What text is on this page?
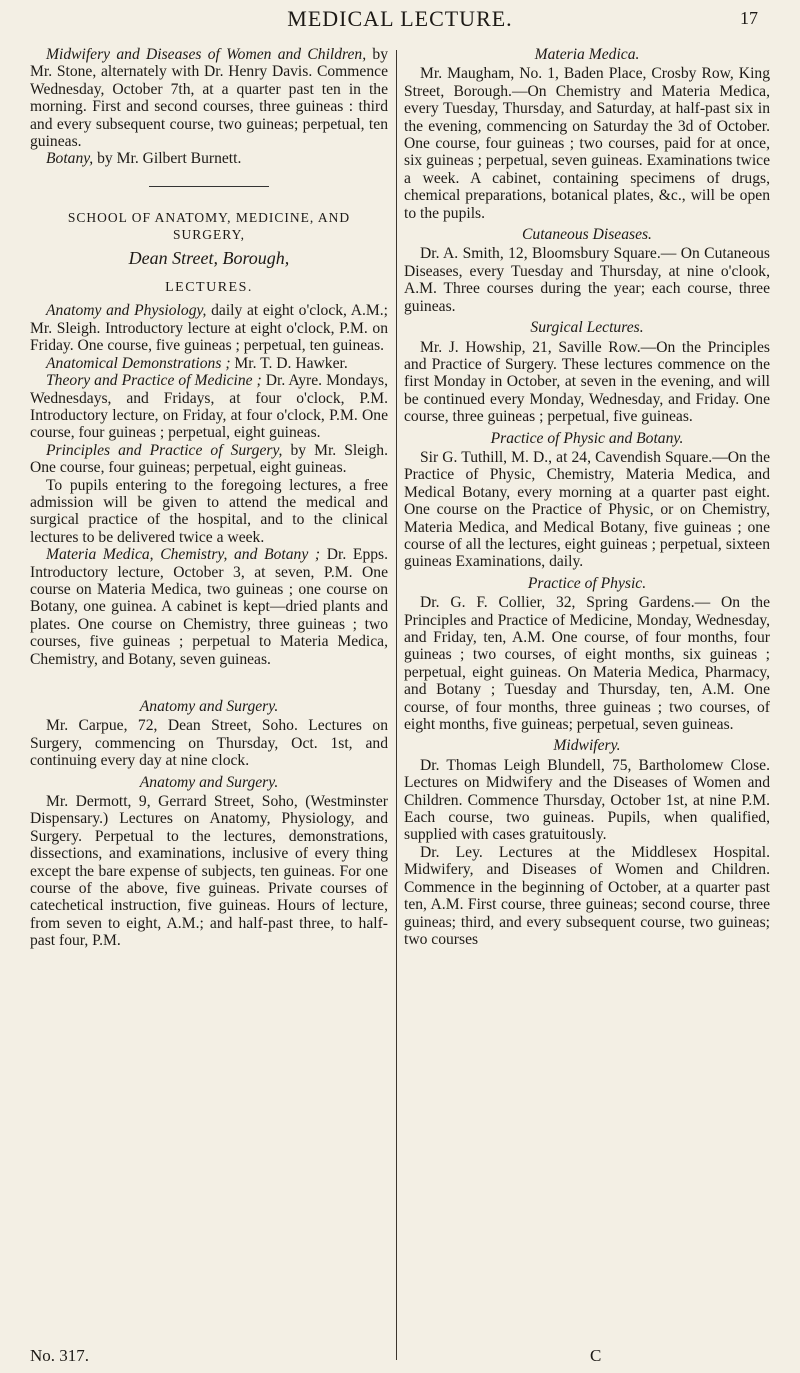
MEDICAL LECTURE.	17

Midwifery and Diseases of Women and Children, by Mr. Stone, alternately with Dr. Henry Davis. Commence Wednesday, October 7th, at a quarter past ten in the morning. First and second courses, three guineas : third and every subsequent course, two guineas; perpetual, ten guineas.

Botany, by Mr. Gilbert Burnett.

SCHOOL OF ANATOMY, MEDICINE, AND SURGERY,
Dean Street, Borough,
LECTURES.

Anatomy and Physiology, daily at eight o'clock, A.M.; Mr. Sleigh. Introductory lecture at eight o'clock, P.M. on Friday. One course, five guineas ; perpetual, ten guineas.

Anatomical Demonstrations ; Mr. T. D. Hawker.

Theory and Practice of Medicine ; Dr. Ayre. Mondays, Wednesdays, and Fridays, at four o'clock, P.M. Introductory lecture, on Friday, at four o'clock, P.M. One course, four guineas ; perpetual, eight guineas.

Principles and Practice of Surgery, by Mr. Sleigh. One course, four guineas; perpetual, eight guineas.

To pupils entering to the foregoing lectures, a free admission will be given to attend the medical and surgical practice of the hospital, and to the clinical lectures to be delivered twice a week.

Materia Medica, Chemistry, and Botany ; Dr. Epps. Introductory lecture, October 3, at seven, P.M. One course on Materia Medica, two guineas ; one course on Botany, one guinea. A cabinet is kept—dried plants and plates. One course on Chemistry, three guineas ; two courses, five guineas ; perpetual to Materia Medica, Chemistry, and Botany, seven guineas.

Anatomy and Surgery.

Mr. Carpue, 72, Dean Street, Soho. Lectures on Surgery, commencing on Thursday, Oct. 1st, and continuing every day at nine clock.

Anatomy and Surgery.

Mr. Dermott, 9, Gerrard Street, Soho, (Westminster Dispensary.) Lectures on Anatomy, Physiology, and Surgery. Perpetual to the lectures, demonstrations, dissections, and examinations, inclusive of every thing except the bare expense of subjects, ten guineas. For one course of the above, five guineas. Private courses of catechetical instruction, five guineas. Hours of lecture, from seven to eight, A.M.; and half-past three, to half-past four, P.M.

Materia Medica.

Mr. Maugham, No. 1, Baden Place, Crosby Row, King Street, Borough.—On Chemistry and Materia Medica, every Tuesday, Thursday, and Saturday, at half-past six in the evening, commencing on Saturday the 3d of October. One course, four guineas ; two courses, paid for at once, six guineas ; perpetual, seven guineas. Examinations twice a week. A cabinet, containing specimens of drugs, chemical preparations, botanical plates, &c., will be open to the pupils.

Cutaneous Diseases.

Dr. A. Smith, 12, Bloomsbury Square.— On Cutaneous Diseases, every Tuesday and Thursday, at nine o'clook, A.M. Three courses during the year; each course, three guineas.

Surgical Lectures.

Mr. J. Howship, 21, Saville Row.—On the Principles and Practice of Surgery. These lectures commence on the first Monday in October, at seven in the evening, and will be continued every Monday, Wednesday, and Friday. One course, three guineas ; perpetual, five guineas.

Practice of Physic and Botany.

Sir G. Tuthill, M. D., at 24, Cavendish Square.—On the Practice of Physic, Chemistry, Materia Medica, and Medical Botany, every morning at a quarter past eight. One course on the Practice of Physic, or on Chemistry, Materia Medica, and Medical Botany, five guineas ; one course of all the lectures, eight guineas ; perpetual, sixteen guineas Examinations, daily.

Practice of Physic.

Dr. G. F. Collier, 32, Spring Gardens.— On the Principles and Practice of Medicine, Monday, Wednesday, and Friday, ten, A.M. One course, of four months, four guineas ; two courses, of eight months, six guineas ; perpetual, eight guineas. On Materia Medica, Pharmacy, and Botany ; Tuesday and Thursday, ten, A.M. One course, of four months, three guineas ; two courses, of eight months, five guineas; perpetual, seven guineas.

Midwifery.

Dr. Thomas Leigh Blundell, 75, Bartholomew Close. Lectures on Midwifery and the Diseases of Women and Children. Commence Thursday, October 1st, at nine P.M. Each course, two guineas. Pupils, when qualified, supplied with cases gratuitously.

Dr. Ley. Lectures at the Middlesex Hospital. Midwifery, and Diseases of Women and Children. Commence in the beginning of October, at a quarter past ten, A.M. First course, three guineas; second course, three guineas; third, and every subsequent course, two guineas; two courses

No. 317.	C
